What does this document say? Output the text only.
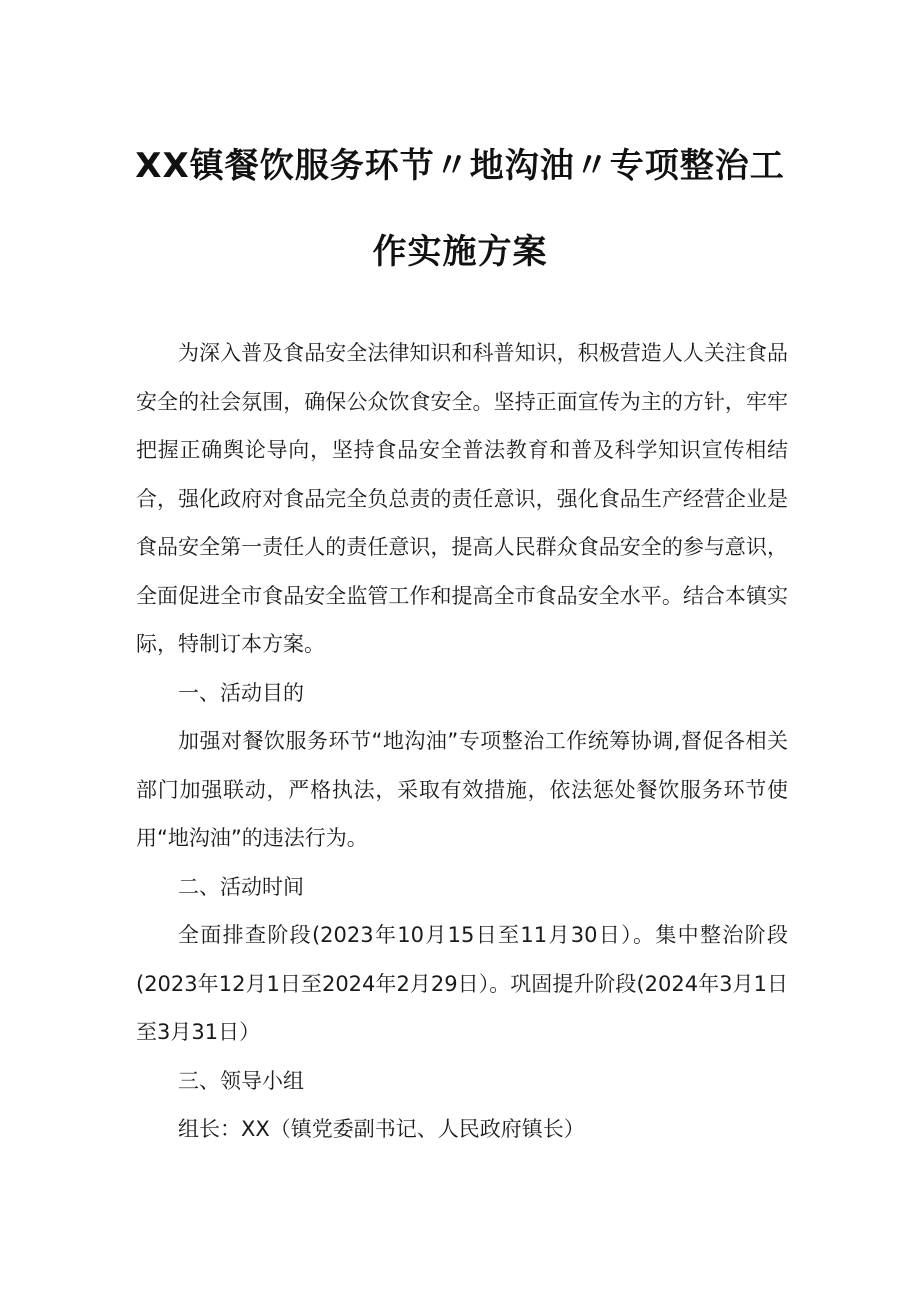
XX镇餐饮服务环节〃地沟油〃专项整治工
作实施方案

为深入普及食品安全法律知识和科普知识，积极营造人人关注食品安全的社会氛围，确保公众饮食安全。坚持正面宣传为主的方针，牢牢把握正确舆论导向，坚持食品安全普法教育和普及科学知识宣传相结合，强化政府对食品完全负总责的责任意识，强化食品生产经营企业是食品安全第一责任人的责任意识，提高人民群众食品安全的参与意识，全面促进全市食品安全监管工作和提高全市食品安全水平。结合本镇实际，特制订本方案。

一、活动目的

加强对餐饮服务环节“地沟油”专项整治工作统筹协调,督促各相关部门加强联动，严格执法，采取有效措施，依法惩处餐饮服务环节使用“地沟油”的违法行为。

二、活动时间

全面排查阶段(2023年10月15日至11月30日）。集中整治阶段(2023年12月1日至2024年2月29日）。巩固提升阶段(2024年3月1日至3月31日）

三、领导小组

组长：XX（镇党委副书记、人民政府镇长）
